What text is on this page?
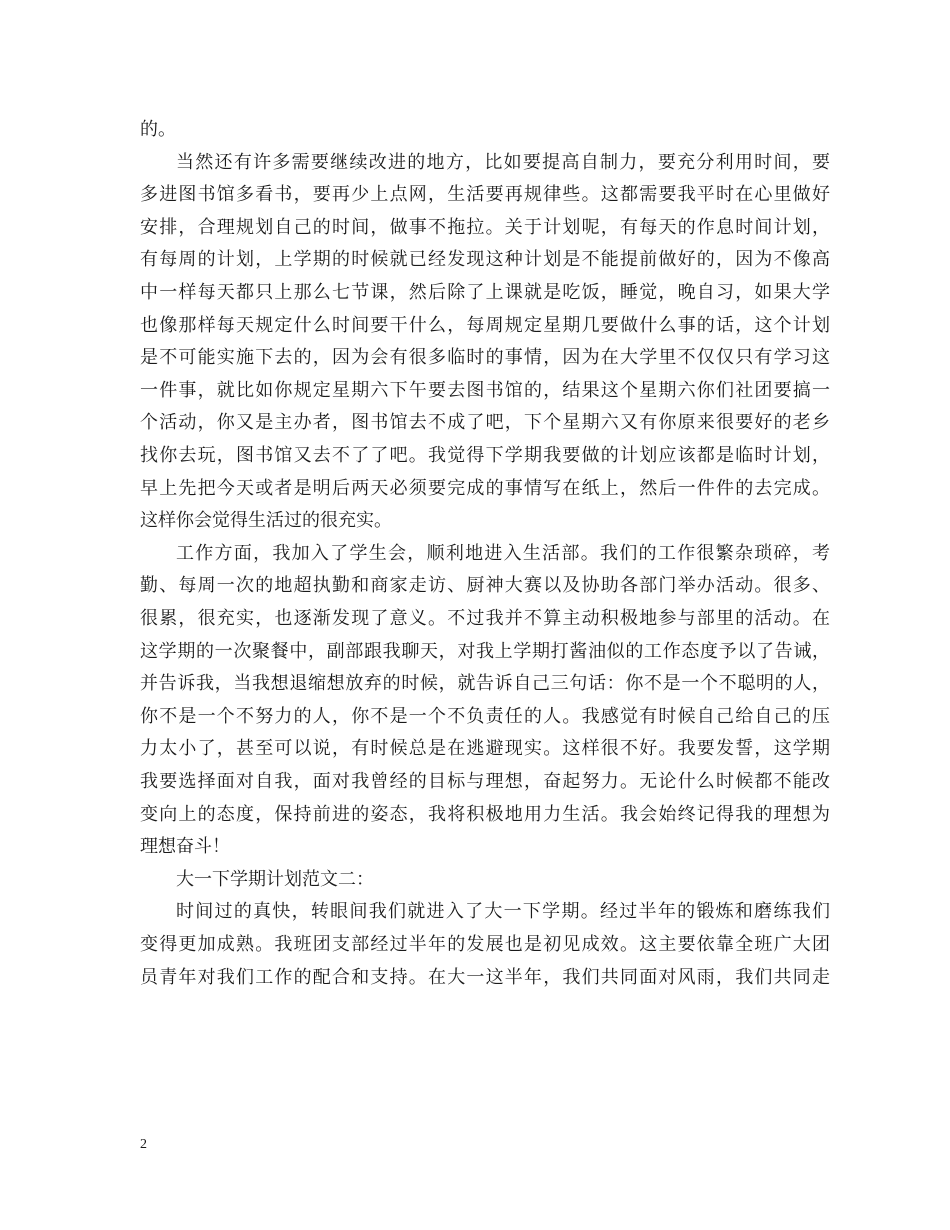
的。
当然还有许多需要继续改进的地方，比如要提高自制力，要充分利用时间，要
多进图书馆多看书，要再少上点网，生活要再规律些。这都需要我平时在心里做好
安排，合理规划自己的时间，做事不拖拉。关于计划呢，有每天的作息时间计划，
有每周的计划，上学期的时候就已经发现这种计划是不能提前做好的，因为不像高
中一样每天都只上那么七节课，然后除了上课就是吃饭，睡觉，晚自习，如果大学
也像那样每天规定什么时间要干什么，每周规定星期几要做什么事的话，这个计划
是不可能实施下去的，因为会有很多临时的事情，因为在大学里不仅仅只有学习这
一件事，就比如你规定星期六下午要去图书馆的，结果这个星期六你们社团要搞一
个活动，你又是主办者，图书馆去不成了吧，下个星期六又有你原来很要好的老乡
找你去玩，图书馆又去不了了吧。我觉得下学期我要做的计划应该都是临时计划，
早上先把今天或者是明后两天必须要完成的事情写在纸上，然后一件件的去完成。
这样你会觉得生活过的很充实。
工作方面，我加入了学生会，顺利地进入生活部。我们的工作很繁杂琐碎，考
勤、每周一次的地超执勤和商家走访、厨神大赛以及协助各部门举办活动。很多、
很累，很充实，也逐渐发现了意义。不过我并不算主动积极地参与部里的活动。在
这学期的一次聚餐中，副部跟我聊天，对我上学期打酱油似的工作态度予以了告诫，
并告诉我，当我想退缩想放弃的时候，就告诉自己三句话：你不是一个不聪明的人，
你不是一个不努力的人，你不是一个不负责任的人。我感觉有时候自己给自己的压
力太小了，甚至可以说，有时候总是在逃避现实。这样很不好。我要发誓，这学期
我要选择面对自我，面对我曾经的目标与理想，奋起努力。无论什么时候都不能改
变向上的态度，保持前进的姿态，我将积极地用力生活。我会始终记得我的理想为
理想奋斗！
大一下学期计划范文二：
时间过的真快，转眼间我们就进入了大一下学期。经过半年的锻炼和磨练我们
变得更加成熟。我班团支部经过半年的发展也是初见成效。这主要依靠全班广大团
员青年对我们工作的配合和支持。在大一这半年，我们共同面对风雨，我们共同走
2
